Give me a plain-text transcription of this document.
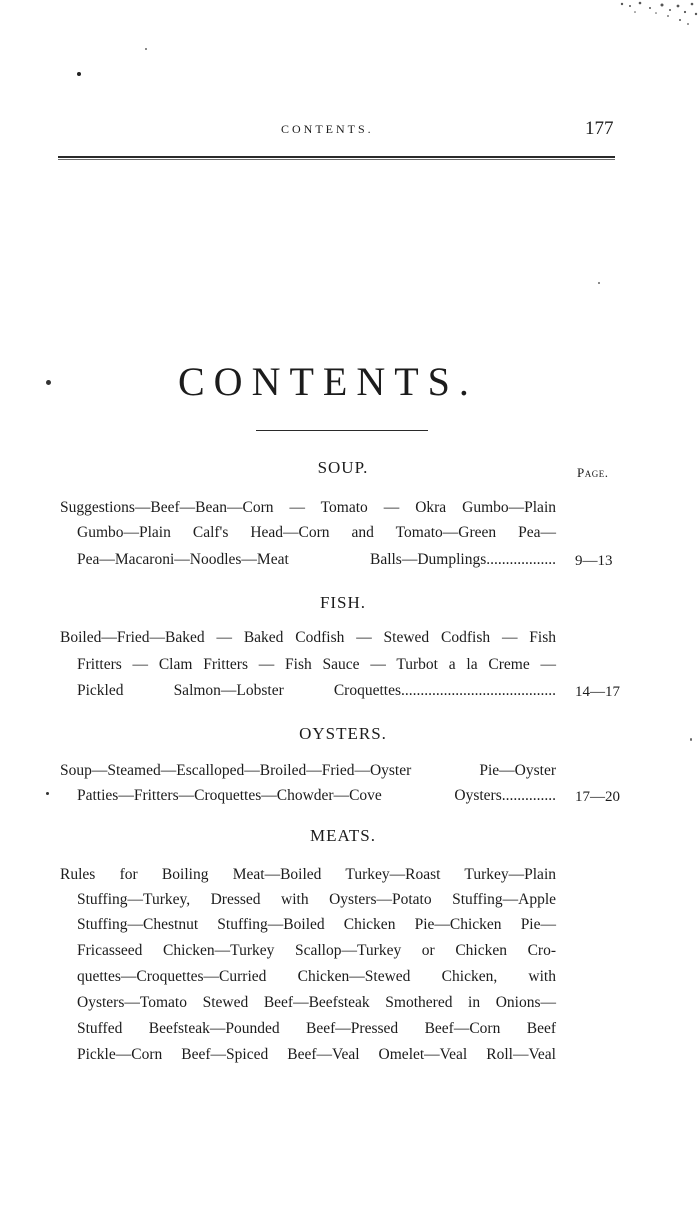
CONTENTS.	177
CONTENTS.
Page.
SOUP.
Suggestions—Beef—Bean—Corn — Tomato — Okra Gumbo—Plain
Gumbo—Plain Calf's Head—Corn and Tomato—Green Pea—
Pea—Macaroni—Noodles—Meat Balls—Dumplings.................. 9—13
FISH.
Boiled—Fried—Baked — Baked Codfish — Stewed Codfish — Fish
Fritters — Clam Fritters — Fish Sauce — Turbot a la Creme —
Pickled Salmon—Lobster Croquettes........................................ 14—17
OYSTERS.
Soup—Steamed—Escalloped—Broiled—Fried—Oyster Pie—Oyster
Patties—Fritters—Croquettes—Chowder—Cove Oysters.............. 17—20
MEATS.
Rules for Boiling Meat—Boiled Turkey—Roast Turkey—Plain
Stuffing—Turkey, Dressed with Oysters—Potato Stuffing—Apple
Stuffing—Chestnut Stuffing—Boiled Chicken Pie—Chicken Pie—
Fricasseed Chicken—Turkey Scallop—Turkey or Chicken Cro-
quettes—Croquettes—Curried Chicken—Stewed Chicken, with
Oysters—Tomato Stewed Beef—Beefsteak Smothered in Onions—
Stuffed Beefsteak—Pounded Beef—Pressed Beef—Corn Beef
Pickle—Corn Beef—Spiced Beef—Veal Omelet—Veal Roll—Veal
